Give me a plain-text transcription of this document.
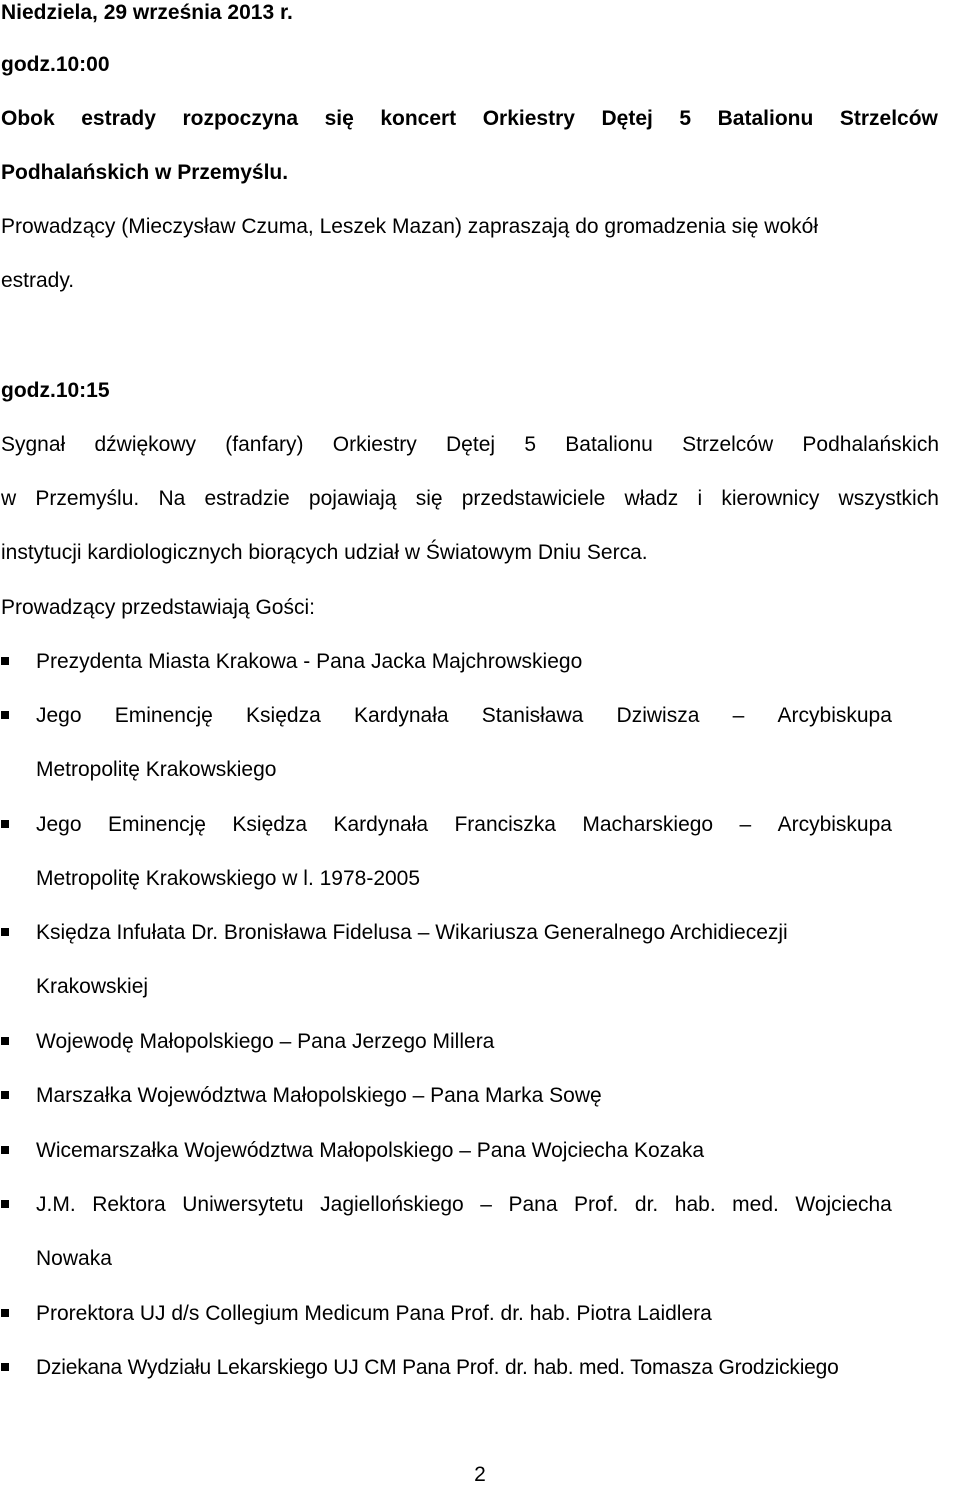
Niedziela, 29 września 2013 r.
godz.10:00
Obok estrady rozpoczyna się koncert Orkiestry Dętej 5 Batalionu Strzelców
Podhalańskich w Przemyślu.
Prowadzący (Mieczysław Czuma, Leszek Mazan) zapraszają do gromadzenia się wokół
estrady.
godz.10:15
Sygnał dźwiękowy (fanfary) Orkiestry Dętej 5 Batalionu Strzelców Podhalańskich
w Przemyślu. Na estradzie pojawiają się przedstawiciele władz i kierownicy wszystkich
instytucji kardiologicznych biorących udział w Światowym Dniu Serca.
Prowadzący przedstawiają Gości:
Prezydenta Miasta Krakowa - Pana Jacka Majchrowskiego
Jego Eminencję Księdza Kardynała Stanisława Dziwisza – Arcybiskupa
Metropolitę Krakowskiego
Jego Eminencję Księdza Kardynała Franciszka Macharskiego – Arcybiskupa
Metropolitę Krakowskiego w l. 1978-2005
Księdza Infułata Dr. Bronisława Fidelusa – Wikariusza Generalnego Archidiecezji
Krakowskiej
Wojewodę Małopolskiego – Pana Jerzego Millera
Marszałka Województwa Małopolskiego – Pana Marka Sowę
Wicemarszałka Województwa Małopolskiego – Pana Wojciecha Kozaka
J.M. Rektora Uniwersytetu Jagiellońskiego – Pana Prof. dr. hab. med. Wojciecha
Nowaka
Prorektora UJ d/s Collegium Medicum Pana Prof. dr. hab. Piotra Laidlera
Dziekana Wydziału Lekarskiego UJ CM Pana Prof. dr. hab. med. Tomasza Grodzickiego
2
